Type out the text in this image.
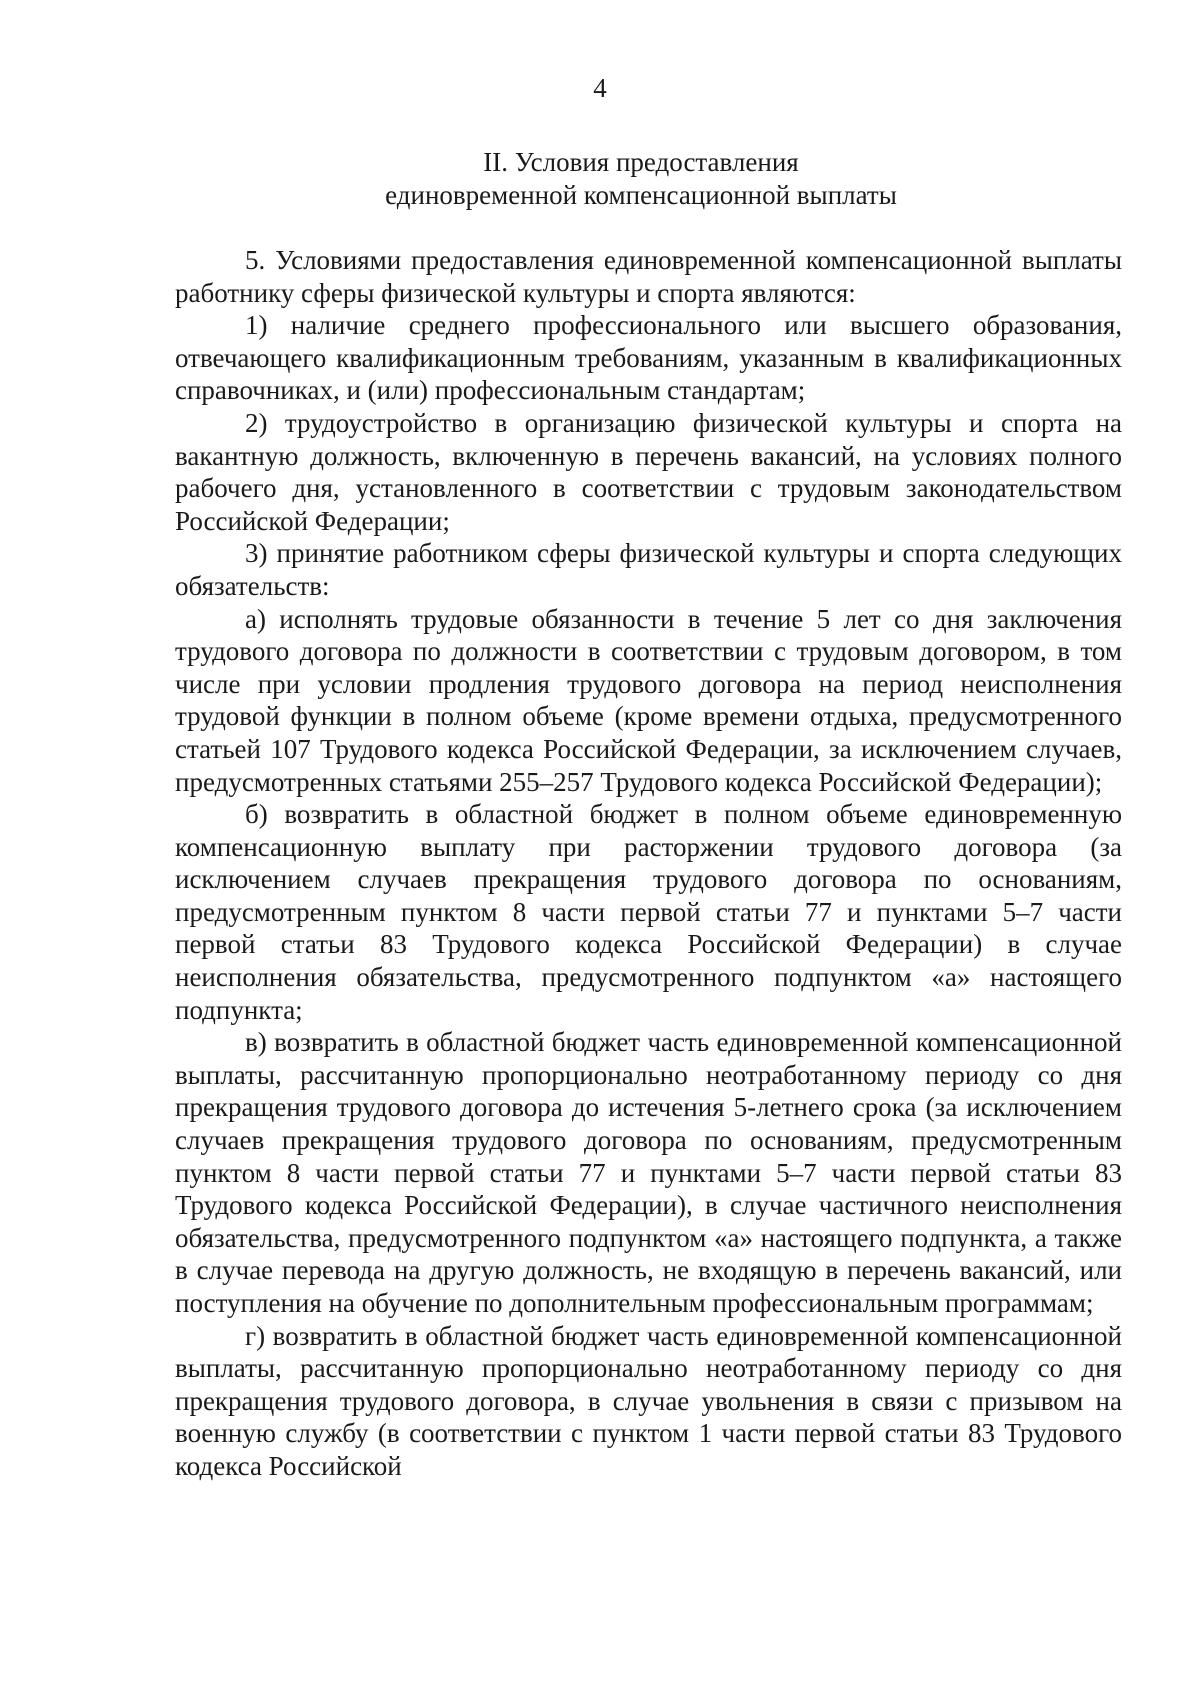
4
II. Условия предоставления
единовременной компенсационной выплаты

5. Условиями предоставления единовременной компенсационной выплаты работнику сферы физической культуры и спорта являются:

1) наличие среднего профессионального или высшего образования, отвечающего квалификационным требованиям, указанным в квалификационных справочниках, и (или) профессиональным стандартам;

2) трудоустройство в организацию физической культуры и спорта на вакантную должность, включенную в перечень вакансий, на условиях полного рабочего дня, установленного в соответствии с трудовым законодательством Российской Федерации;

3) принятие работником сферы физической культуры и спорта следующих обязательств:

а) исполнять трудовые обязанности в течение 5 лет со дня заключения трудового договора по должности в соответствии с трудовым договором, в том числе при условии продления трудового договора на период неисполнения трудовой функции в полном объеме (кроме времени отдыха, предусмотренного статьей 107 Трудового кодекса Российской Федерации, за исключением случаев, предусмотренных статьями 255–257 Трудового кодекса Российской Федерации);

б) возвратить в областной бюджет в полном объеме единовременную компенсационную выплату при расторжении трудового договора (за исключением случаев прекращения трудового договора по основаниям, предусмотренным пунктом 8 части первой статьи 77 и пунктами 5–7 части первой статьи 83 Трудового кодекса Российской Федерации) в случае неисполнения обязательства, предусмотренного подпунктом «а» настоящего подпункта;

в) возвратить в областной бюджет часть единовременной компенсационной выплаты, рассчитанную пропорционально неотработанному периоду со дня прекращения трудового договора до истечения 5-летнего срока (за исключением случаев прекращения трудового договора по основаниям, предусмотренным пунктом 8 части первой статьи 77 и пунктами 5–7 части первой статьи 83 Трудового кодекса Российской Федерации), в случае частичного неисполнения обязательства, предусмотренного подпунктом «а» настоящего подпункта, а также в случае перевода на другую должность, не входящую в перечень вакансий, или поступления на обучение по дополнительным профессиональным программам;

г) возвратить в областной бюджет часть единовременной компенсационной выплаты, рассчитанную пропорционально неотработанному периоду со дня прекращения трудового договора, в случае увольнения в связи с призывом на военную службу (в соответствии с пунктом 1 части первой статьи 83 Трудового кодекса Российской
